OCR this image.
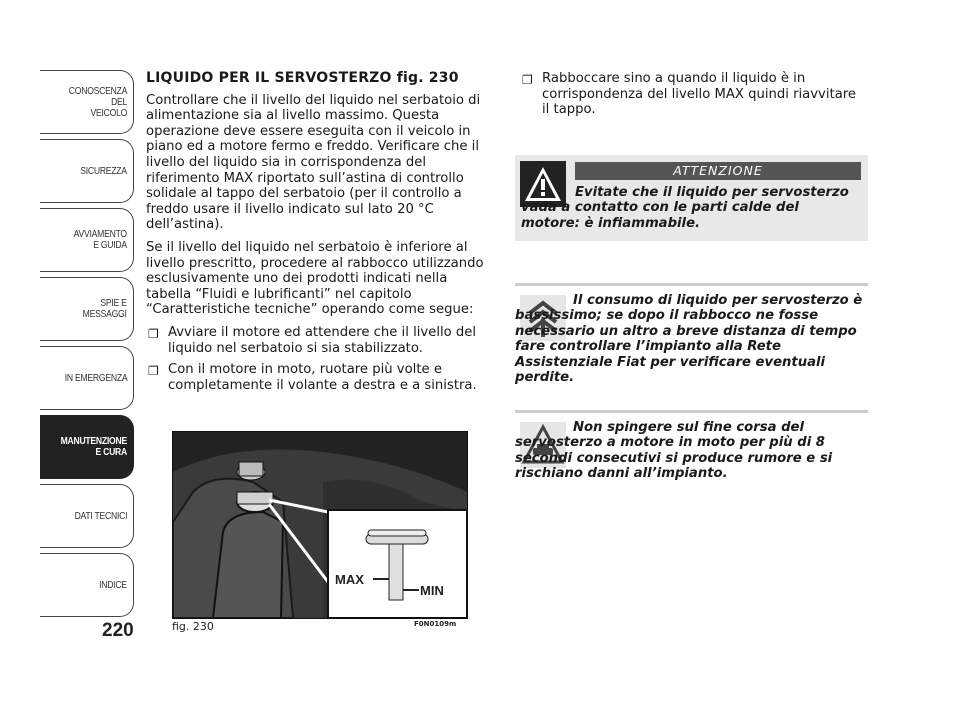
CONOSCENZA
DEL
VEICOLO
SICUREZZA
AVVIAMENTO
E GUIDA
SPIE E
MESSAGGI
IN EMERGENZA
MANUTENZIONE
E CURA
DATI TECNICI
INDICE
220
LIQUIDO PER IL SERVOSTERZO fig. 230

Controllare che il livello del liquido nel serbatoio di alimentazione sia al livello massimo. Questa operazione deve essere eseguita con il veicolo in piano ed a motore fermo e freddo. Verificare che il livello del liquido sia in corrispondenza del riferimento MAX riportato sull’astina di controllo solidale al tappo del serbatoio (per il controllo a freddo usare il livello indicato sul lato 20 °C dell’astina).

Se il livello del liquido nel serbatoio è inferiore al livello prescritto, procedere al rabbocco utilizzando esclusivamente uno dei prodotti indicati nella tabella “Fluidi e lubrificanti” nel capitolo “Caratteristiche tecniche” operando come segue:

❐ Avviare il motore ed attendere che il livello del liquido nel serbatoio si sia stabilizzato.
❐ Con il motore in moto, ruotare più volte e completamente il volante a destra e a sinistra.
MAX
MIN
fig. 230	F0N0109m
❐ Rabboccare sino a quando il liquido è in corrispondenza del livello MAX quindi riavvitare il tappo.
ATTENZIONE
Evitate che il liquido per servosterzo vada a contatto con le parti calde del motore: è infiammabile.
Il consumo di liquido per servosterzo è bassissimo; se dopo il rabbocco ne fosse necessario un altro a breve distanza di tempo fare controllare l’impianto alla Rete Assistenziale Fiat per verificare eventuali perdite.
Non spingere sul fine corsa del servosterzo a motore in moto per più di 8 secondi consecutivi si produce rumore e si rischiano danni all’impianto.
